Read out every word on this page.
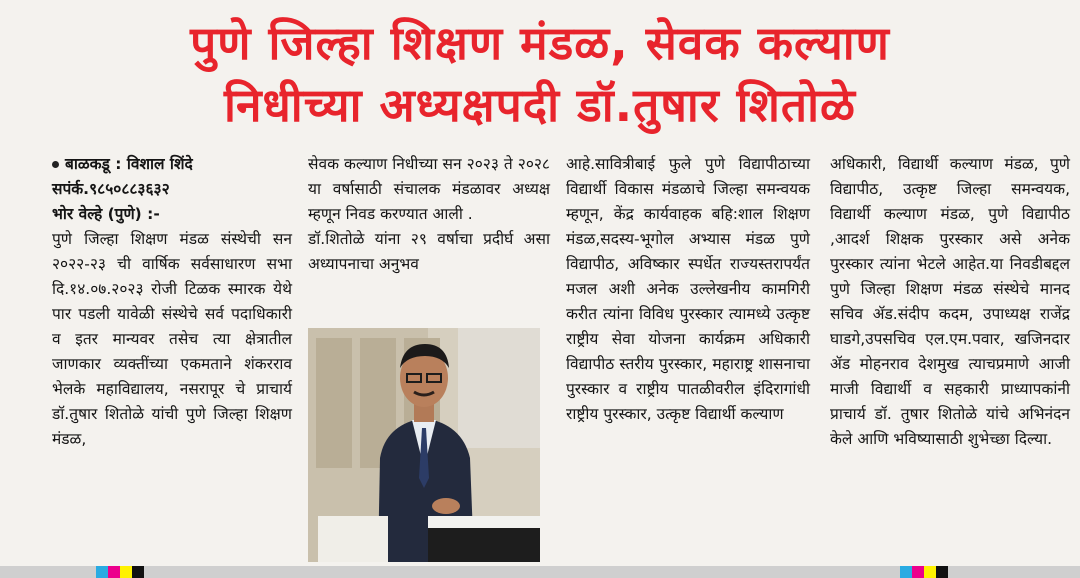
पुणे जिल्हा शिक्षण मंडळ, सेवक कल्याण
निधीच्या अध्यक्षपदी डॉ.तुषार शितोळे

बाळकडू : विशाल शिंदे

सपंर्क.९८५०८८३६३२

भोर वेल्हे (पुणे) :-

पुणे जिल्हा शिक्षण मंडळ संस्थेची सन २०२२-२३ ची वार्षिक सर्वसाधारण सभा दि.१४.०७.२०२३ रोजी टिळक स्मारक येथे पार पडली यावेळी संस्थेचे सर्व पदाधिकारी व इतर मान्यवर तसेच त्या क्षेत्रातील जाणकार व्यक्तींच्या एकमताने शंकरराव भेलके महाविद्यालय, नसरापूर चे प्राचार्य डॉ.तुषार शितोळे यांची पुणे जिल्हा शिक्षण मंडळ,

सेवक कल्याण निधीच्या सन २०२३ ते २०२८ या वर्षासाठी संचालक मंडळावर अध्यक्ष म्हणून निवड करण्यात आली .

डॉ.शितोळे यांना २९ वर्षाचा प्रदीर्घ असा अध्यापनाचा अनुभव

आहे.सावित्रीबाई फुले पुणे विद्यापीठाच्या विद्यार्थी विकास मंडळाचे जिल्हा समन्वयक म्हणून, केंद्र कार्यवाहक बहि:शाल शिक्षण मंडळ,सदस्य-भूगोल अभ्यास मंडळ पुणे विद्यापीठ, अविष्कार स्पर्धेत राज्यस्तरापर्यंत मजल अशी अनेक उल्लेखनीय कामगिरी करीत त्यांना विविध पुरस्कार त्यामध्ये उत्कृष्ट राष्ट्रीय सेवा योजना कार्यक्रम अधिकारी विद्यापीठ स्तरीय पुरस्कार, महाराष्ट्र शासनाचा पुरस्कार व राष्ट्रीय पातळीवरील इंदिरागांधी राष्ट्रीय पुरस्कार, उत्कृष्ट विद्यार्थी कल्याण

अधिकारी, विद्यार्थी कल्याण मंडळ, पुणे विद्यापीठ, उत्कृष्ट जिल्हा समन्वयक, विद्यार्थी कल्याण मंडळ, पुणे विद्यापीठ ,आदर्श शिक्षक पुरस्कार असे अनेक पुरस्कार त्यांना भेटले आहेत.या निवडीबद्दल पुणे जिल्हा शिक्षण मंडळ संस्थेचे मानद सचिव ॲड.संदीप कदम, उपाध्यक्ष राजेंद्र घाडगे,उपसचिव एल.एम.पवार, खजिनदार ॲड मोहनराव देशमुख त्याचप्रमाणे आजी माजी विद्यार्थी व सहकारी प्राध्यापकांनी प्राचार्य डॉ. तुषार शितोळे यांचे अभिनंदन केले आणि भविष्यासाठी शुभेच्छा दिल्या.
